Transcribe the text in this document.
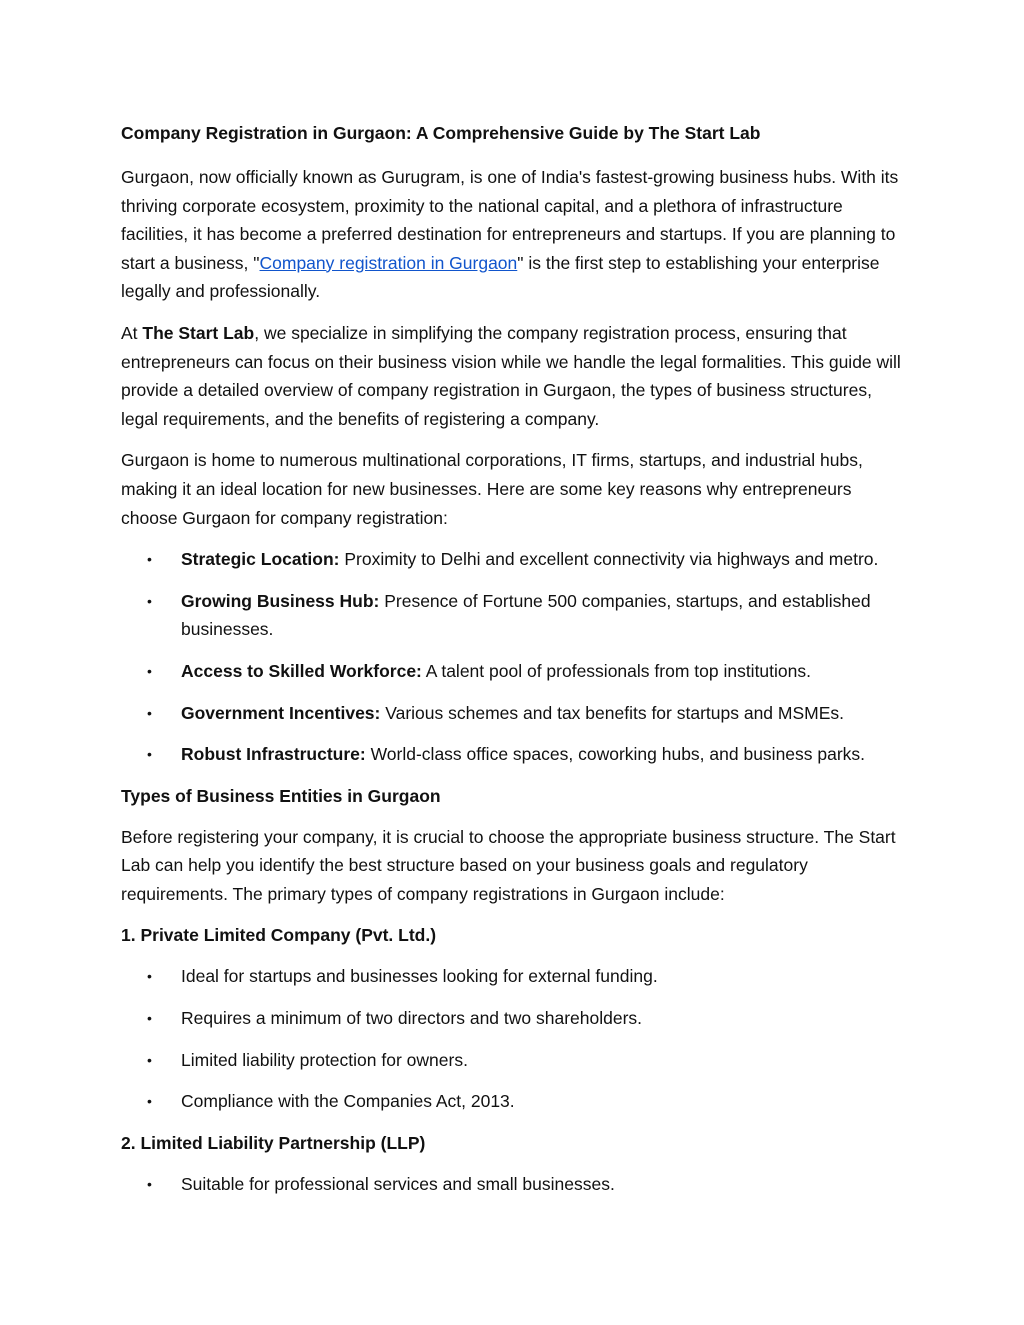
Company Registration in Gurgaon: A Comprehensive Guide by The Start Lab

Gurgaon, now officially known as Gurugram, is one of India's fastest-growing business hubs. With its thriving corporate ecosystem, proximity to the national capital, and a plethora of infrastructure facilities, it has become a preferred destination for entrepreneurs and startups. If you are planning to start a business, "Company registration in Gurgaon" is the first step to establishing your enterprise legally and professionally.

At The Start Lab, we specialize in simplifying the company registration process, ensuring that entrepreneurs can focus on their business vision while we handle the legal formalities. This guide will provide a detailed overview of company registration in Gurgaon, the types of business structures, legal requirements, and the benefits of registering a company.

Gurgaon is home to numerous multinational corporations, IT firms, startups, and industrial hubs, making it an ideal location for new businesses. Here are some key reasons why entrepreneurs choose Gurgaon for company registration:

• Strategic Location: Proximity to Delhi and excellent connectivity via highways and metro.
• Growing Business Hub: Presence of Fortune 500 companies, startups, and established businesses.
• Access to Skilled Workforce: A talent pool of professionals from top institutions.
• Government Incentives: Various schemes and tax benefits for startups and MSMEs.
• Robust Infrastructure: World-class office spaces, coworking hubs, and business parks.
Types of Business Entities in Gurgaon

Before registering your company, it is crucial to choose the appropriate business structure. The Start Lab can help you identify the best structure based on your business goals and regulatory requirements. The primary types of company registrations in Gurgaon include:

1. Private Limited Company (Pvt. Ltd.)
• Ideal for startups and businesses looking for external funding.
• Requires a minimum of two directors and two shareholders.
• Limited liability protection for owners.
• Compliance with the Companies Act, 2013.
2. Limited Liability Partnership (LLP)
• Suitable for professional services and small businesses.
